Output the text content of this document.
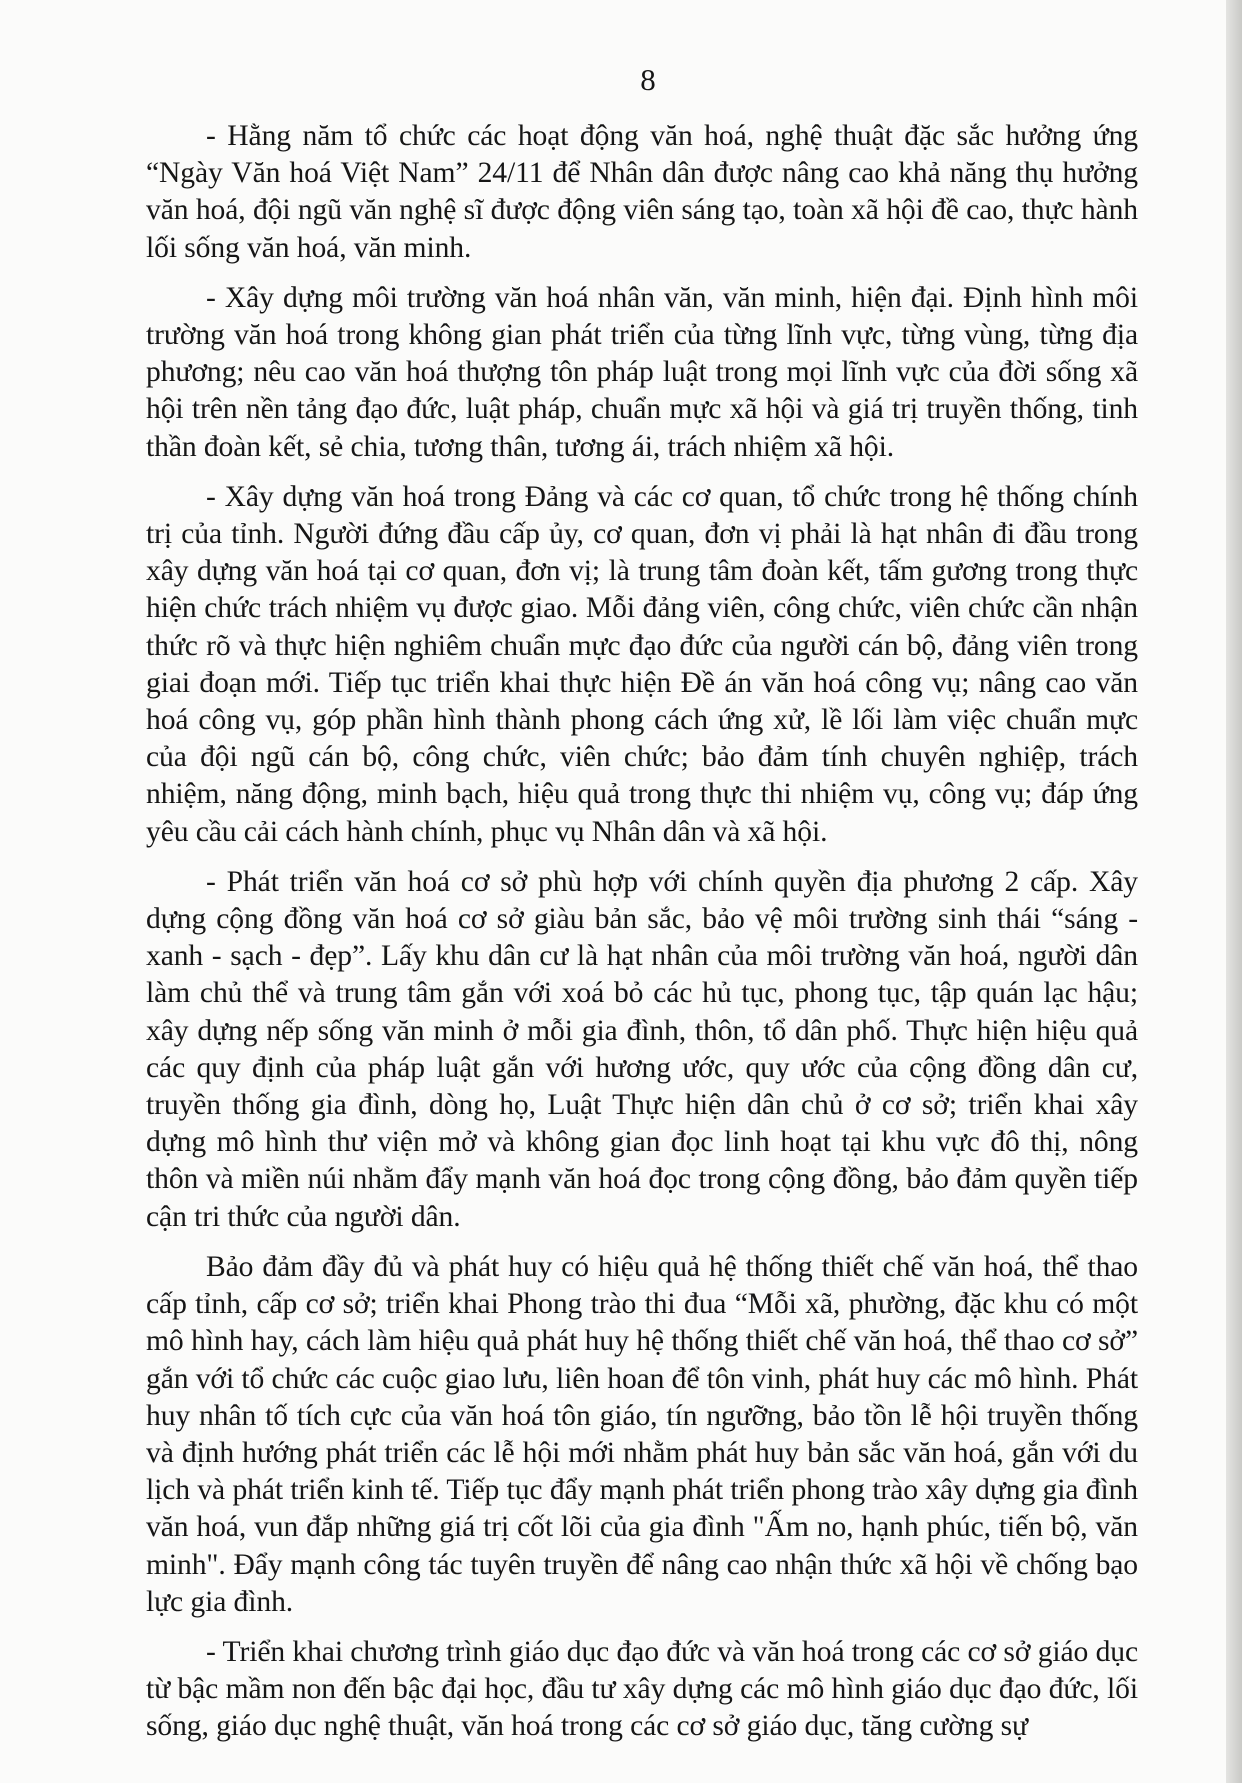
8

- Hằng năm tổ chức các hoạt động văn hoá, nghệ thuật đặc sắc hưởng ứng “Ngày Văn hoá Việt Nam” 24/11 để Nhân dân được nâng cao khả năng thụ hưởng văn hoá, đội ngũ văn nghệ sĩ được động viên sáng tạo, toàn xã hội đề cao, thực hành lối sống văn hoá, văn minh.

- Xây dựng môi trường văn hoá nhân văn, văn minh, hiện đại. Định hình môi trường văn hoá trong không gian phát triển của từng lĩnh vực, từng vùng, từng địa phương; nêu cao văn hoá thượng tôn pháp luật trong mọi lĩnh vực của đời sống xã hội trên nền tảng đạo đức, luật pháp, chuẩn mực xã hội và giá trị truyền thống, tinh thần đoàn kết, sẻ chia, tương thân, tương ái, trách nhiệm xã hội.

- Xây dựng văn hoá trong Đảng và các cơ quan, tổ chức trong hệ thống chính trị của tỉnh. Người đứng đầu cấp ủy, cơ quan, đơn vị phải là hạt nhân đi đầu trong xây dựng văn hoá tại cơ quan, đơn vị; là trung tâm đoàn kết, tấm gương trong thực hiện chức trách nhiệm vụ được giao. Mỗi đảng viên, công chức, viên chức cần nhận thức rõ và thực hiện nghiêm chuẩn mực đạo đức của người cán bộ, đảng viên trong giai đoạn mới. Tiếp tục triển khai thực hiện Đề án văn hoá công vụ; nâng cao văn hoá công vụ, góp phần hình thành phong cách ứng xử, lề lối làm việc chuẩn mực của đội ngũ cán bộ, công chức, viên chức; bảo đảm tính chuyên nghiệp, trách nhiệm, năng động, minh bạch, hiệu quả trong thực thi nhiệm vụ, công vụ; đáp ứng yêu cầu cải cách hành chính, phục vụ Nhân dân và xã hội.

- Phát triển văn hoá cơ sở phù hợp với chính quyền địa phương 2 cấp. Xây dựng cộng đồng văn hoá cơ sở giàu bản sắc, bảo vệ môi trường sinh thái “sáng - xanh - sạch - đẹp”. Lấy khu dân cư là hạt nhân của môi trường văn hoá, người dân làm chủ thể và trung tâm gắn với xoá bỏ các hủ tục, phong tục, tập quán lạc hậu; xây dựng nếp sống văn minh ở mỗi gia đình, thôn, tổ dân phố. Thực hiện hiệu quả các quy định của pháp luật gắn với hương ước, quy ước của cộng đồng dân cư, truyền thống gia đình, dòng họ, Luật Thực hiện dân chủ ở cơ sở; triển khai xây dựng mô hình thư viện mở và không gian đọc linh hoạt tại khu vực đô thị, nông thôn và miền núi nhằm đẩy mạnh văn hoá đọc trong cộng đồng, bảo đảm quyền tiếp cận tri thức của người dân.

Bảo đảm đầy đủ và phát huy có hiệu quả hệ thống thiết chế văn hoá, thể thao cấp tỉnh, cấp cơ sở; triển khai Phong trào thi đua “Mỗi xã, phường, đặc khu có một mô hình hay, cách làm hiệu quả phát huy hệ thống thiết chế văn hoá, thể thao cơ sở” gắn với tổ chức các cuộc giao lưu, liên hoan để tôn vinh, phát huy các mô hình. Phát huy nhân tố tích cực của văn hoá tôn giáo, tín ngưỡng, bảo tồn lễ hội truyền thống và định hướng phát triển các lễ hội mới nhằm phát huy bản sắc văn hoá, gắn với du lịch và phát triển kinh tế. Tiếp tục đẩy mạnh phát triển phong trào xây dựng gia đình văn hoá, vun đắp những giá trị cốt lõi của gia đình "Ấm no, hạnh phúc, tiến bộ, văn minh". Đẩy mạnh công tác tuyên truyền để nâng cao nhận thức xã hội về chống bạo lực gia đình.

- Triển khai chương trình giáo dục đạo đức và văn hoá trong các cơ sở giáo dục từ bậc mầm non đến bậc đại học, đầu tư xây dựng các mô hình giáo dục đạo đức, lối sống, giáo dục nghệ thuật, văn hoá trong các cơ sở giáo dục, tăng cường sự
